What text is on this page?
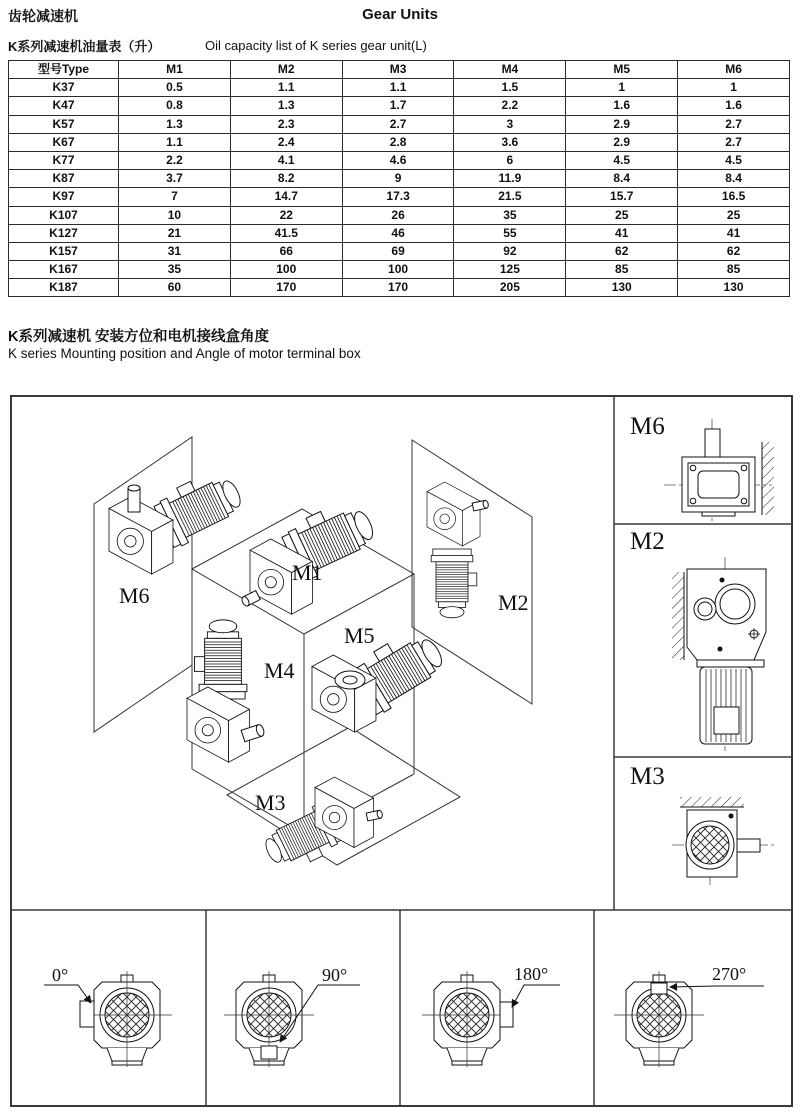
齿轮减速机	Gear Units
K系列减速机油量表（升）	Oil capacity list of K series gear unit(L)
型号Type	M1	M2	M3	M4	M5	M6
K37	0.5	1.1	1.1	1.5	1	1
K47	0.8	1.3	1.7	2.2	1.6	1.6
K57	1.3	2.3	2.7	3	2.9	2.7
K67	1.1	2.4	2.8	3.6	2.9	2.7
K77	2.2	4.1	4.6	6	4.5	4.5
K87	3.7	8.2	9	11.9	8.4	8.4
K97	7	14.7	17.3	21.5	15.7	16.5
K107	10	22	26	35	25	25
K127	21	41.5	46	55	41	41
K157	31	66	69	92	62	62
K167	35	100	100	125	85	85
K187	60	170	170	205	130	130
K系列减速机 安装方位和电机接线盒角度
K series Mounting position and Angle of motor terminal box
M1
M2
M3
M4
M5
M6
M6
M2
M3
0°	90°	180°	270°
